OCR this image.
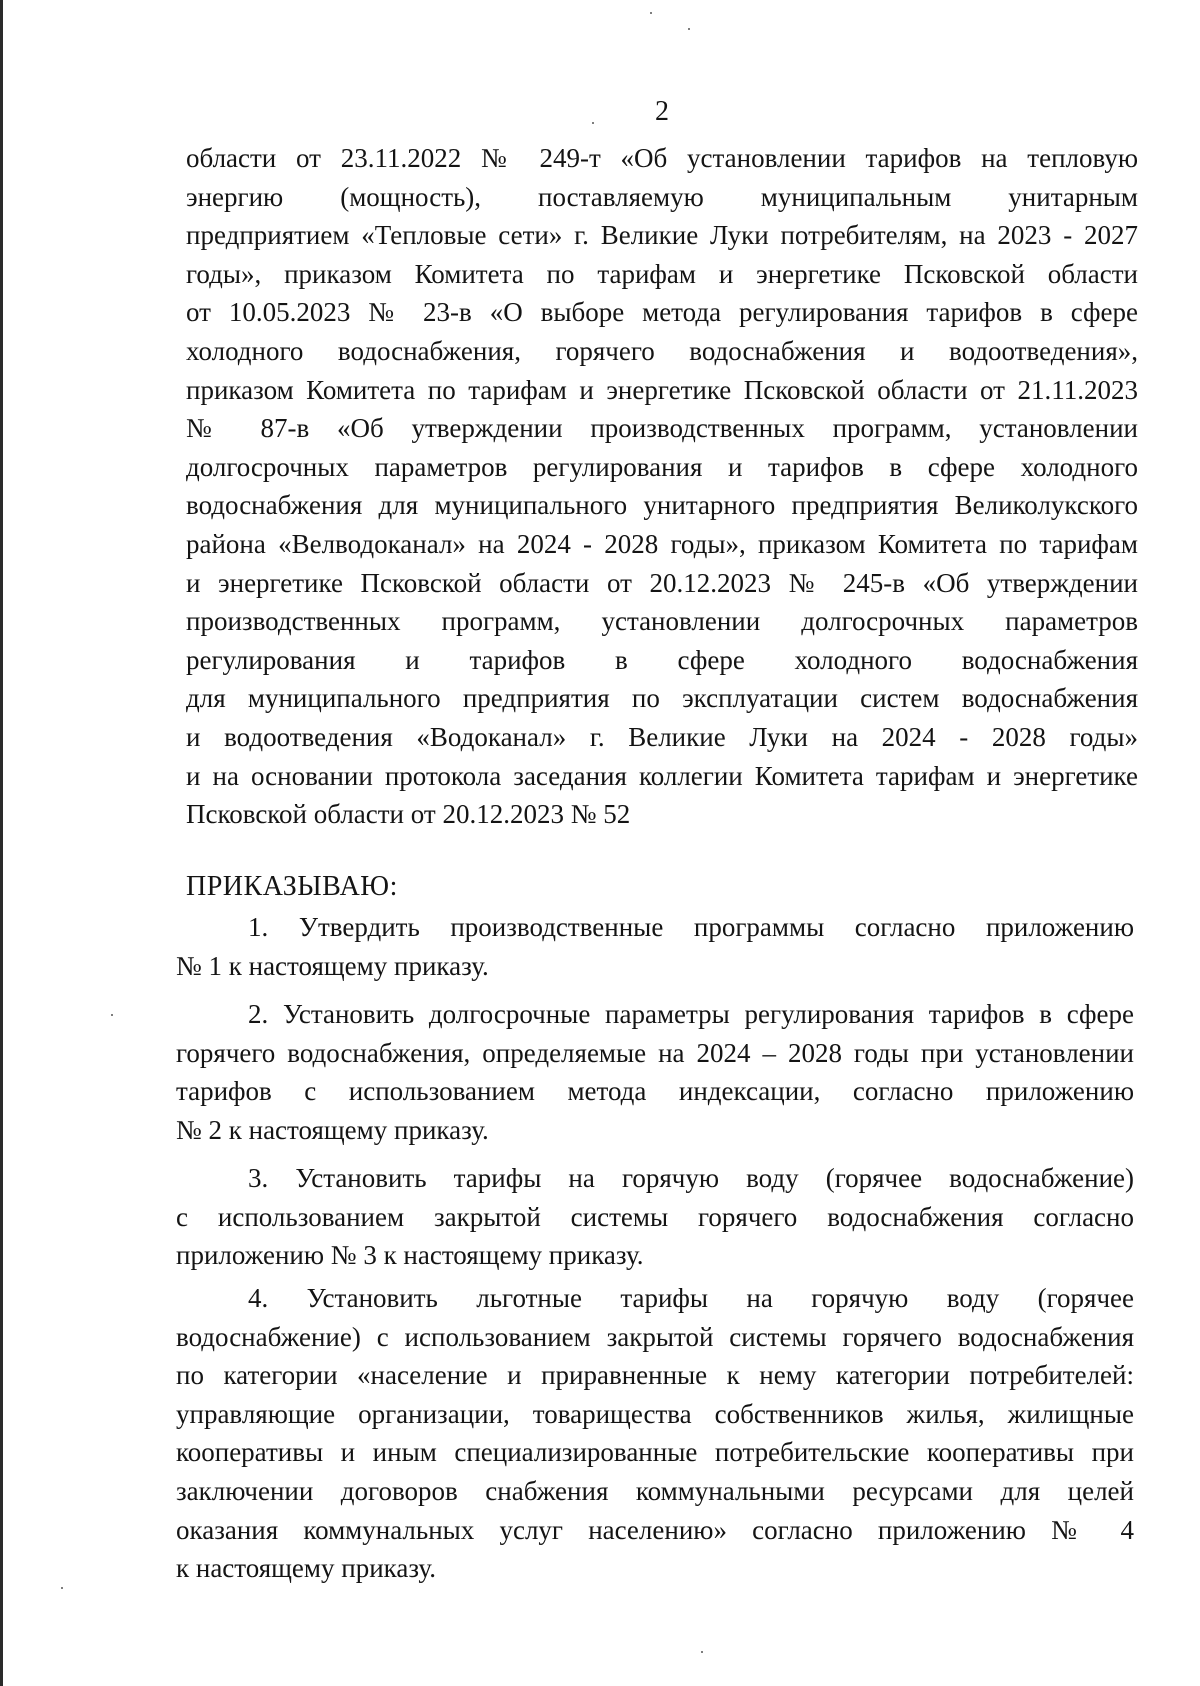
2
области от 23.11.2022 № 249-т «Об установлении тарифов на тепловую
энергию (мощность), поставляемую муниципальным унитарным
предприятием «Тепловые сети» г. Великие Луки потребителям, на 2023 - 2027
годы», приказом Комитета по тарифам и энергетике Псковской области
от 10.05.2023 № 23-в «О выборе метода регулирования тарифов в сфере
холодного водоснабжения, горячего водоснабжения и водоотведения»,
приказом Комитета по тарифам и энергетике Псковской области от 21.11.2023
№ 87-в «Об утверждении производственных программ, установлении
долгосрочных параметров регулирования и тарифов в сфере холодного
водоснабжения для муниципального унитарного предприятия Великолукского
района «Велводоканал» на 2024 - 2028 годы», приказом Комитета по тарифам
и энергетике Псковской области от 20.12.2023 № 245-в «Об утверждении
производственных программ, установлении долгосрочных параметров
регулирования и тарифов в сфере холодного водоснабжения
для муниципального предприятия по эксплуатации систем водоснабжения
и водоотведения «Водоканал» г. Великие Луки на 2024 - 2028 годы»
и на основании протокола заседания коллегии Комитета тарифам и энергетике
Псковской области от 20.12.2023 № 52
ПРИКАЗЫВАЮ:
1. Утвердить производственные программы согласно приложению
№ 1 к настоящему приказу.
2. Установить долгосрочные параметры регулирования тарифов в сфере
горячего водоснабжения, определяемые на 2024 – 2028 годы при установлении
тарифов с использованием метода индексации, согласно приложению
№ 2 к настоящему приказу.
3. Установить тарифы на горячую воду (горячее водоснабжение)
с использованием закрытой системы горячего водоснабжения согласно
приложению № 3 к настоящему приказу.
4. Установить льготные тарифы на горячую воду (горячее
водоснабжение) с использованием закрытой системы горячего водоснабжения
по категории «население и приравненные к нему категории потребителей:
управляющие организации, товарищества собственников жилья, жилищные
кооперативы и иным специализированные потребительские кооперативы при
заключении договоров снабжения коммунальными ресурсами для целей
оказания коммунальных услуг населению» согласно приложению № 4
к настоящему приказу.
